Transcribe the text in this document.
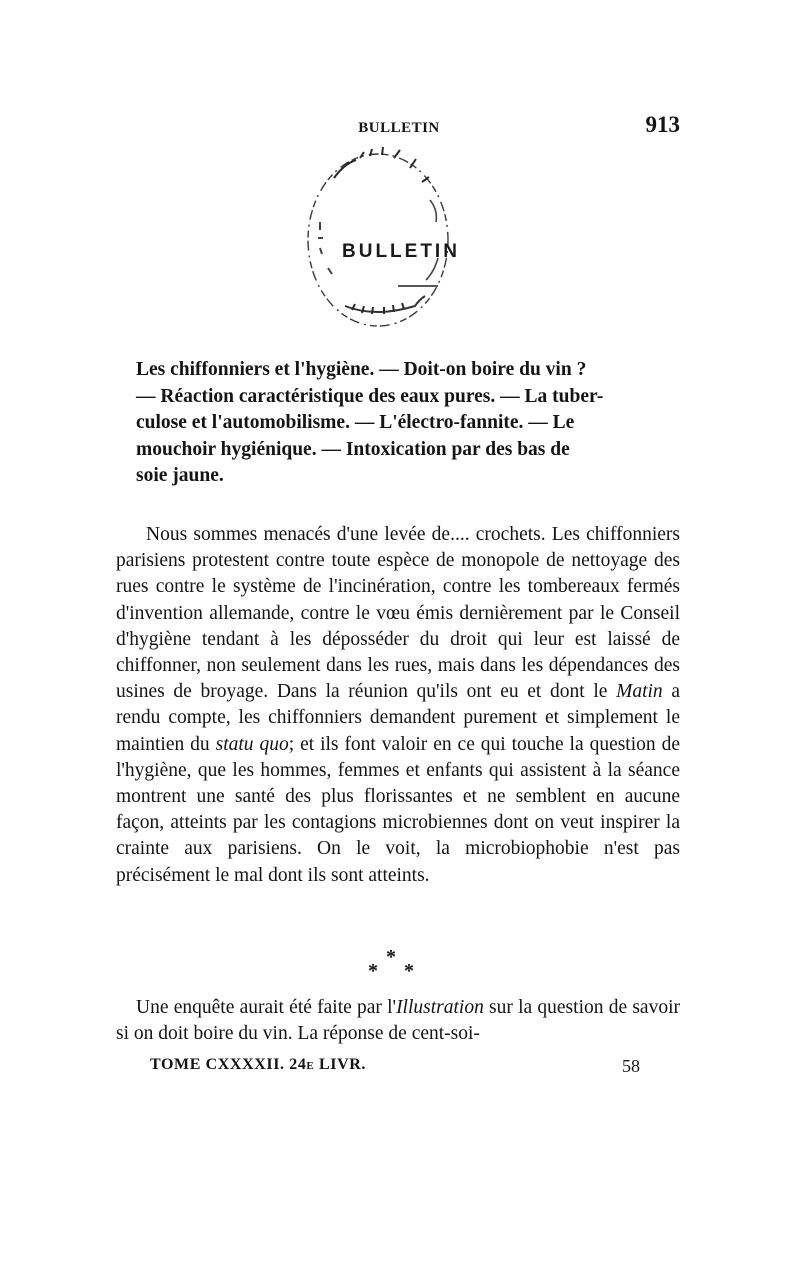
BULLETIN	913
BULLETIN
Les chiffonniers et l'hygiène. — Doit-on boire du vin ?
— Réaction caractéristique des eaux pures. — La tuber-
culose et l'automobilisme. — L'électro-fannite. — Le
mouchoir hygiénique. — Intoxication par des bas de
soie jaune.

Nous sommes menacés d'une levée de.... crochets. Les chiffonniers parisiens protestent contre toute espèce de monopole de nettoyage des rues contre le système de l'incinération, contre les tombereaux fermés d'invention allemande, contre le vœu émis dernièrement par le Conseil d'hygiène tendant à les déposséder du droit qui leur est laissé de chiffonner, non seulement dans les rues, mais dans les dépendances des usines de broyage. Dans la réunion qu'ils ont eu et dont le Matin a rendu compte, les chiffonniers demandent purement et simplement le maintien du statu quo; et ils font valoir en ce qui touche la question de l'hygiène, que les hommes, femmes et enfants qui assistent à la séance montrent une santé des plus florissantes et ne semblent en aucune façon, atteints par les contagions microbiennes dont on veut inspirer la crainte aux parisiens. On le voit, la microbiophobie n'est pas précisément le mal dont ils sont atteints.

*
* *

Une enquête aurait été faite par l'Illustration sur la question de savoir si on doit boire du vin. La réponse de cent-soi-

TOME CXXXXII. 24e LIVR.	58
